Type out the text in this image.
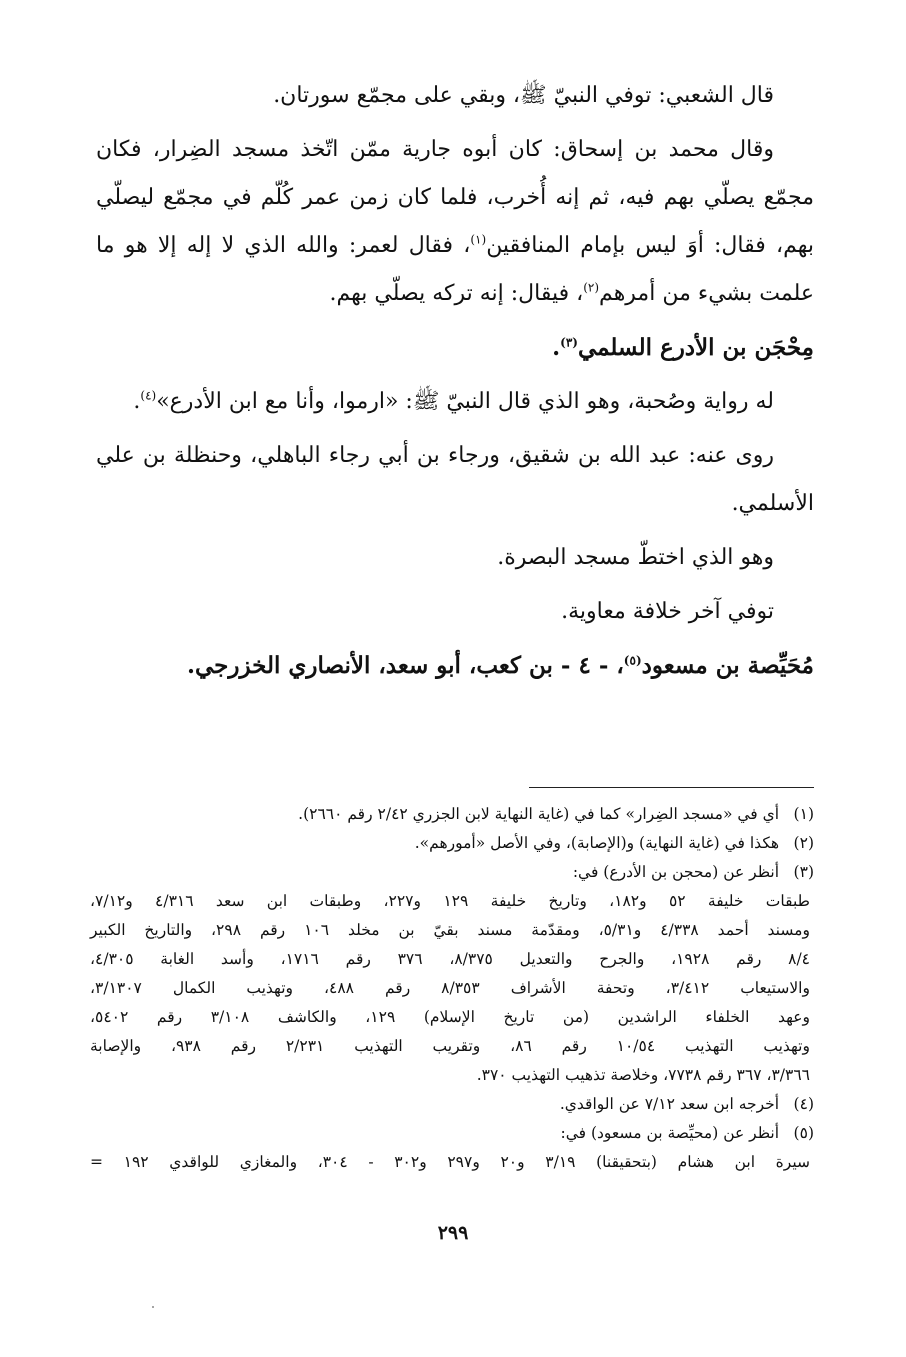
قال الشعبي: توفي النبيّ ﷺ، وبقي على مجمّع سورتان.

وقال محمد بن إسحاق: كان أبوه جارية ممّن اتّخذ مسجد الضِرار، فكان مجمّع يصلّي بهم فيه، ثم إنه أُخرب، فلما كان زمن عمر كُلّم في مجمّع ليصلّي بهم، فقال: أوَ ليس بإمام المنافقين$^{(١)}$، فقال لعمر: والله الذي لا إله إلا هو ما علمت بشيء من أمرهم$^{(٢)}$، فيقال: إنه تركه يصلّي بهم.

مِحْجَن بن الأدرع السلمي$^{(٣)}$.

له رواية وصُحبة، وهو الذي قال النبيّ ﷺ: «ارموا، وأنا مع ابن الأدرع»$^{(٤)}$.

روى عنه: عبد الله بن شقيق، ورجاء بن أبي رجاء الباهلي، وحنظلة بن علي الأسلمي.

وهو الذي اختطّ مسجد البصرة.

توفي آخر خلافة معاوية.

مُحَيِّصة بن مسعود$^{(٥)}$، - ٤ - بن كعب، أبو سعد، الأنصاري الخزرجي.

(١) أي في «مسجد الضِرار» كما في (غاية النهاية لابن الجزري ٢/٤٢ رقم ٢٦٦٠).

(٢) هكذا في (غاية النهاية) و(الإصابة)، وفي الأصل «أمورهم».

(٣) أنظر عن (محجن بن الأدرع) في:

طبقات خليفة ٥٢ و١٨٢، وتاريخ خليفة ١٢٩ و٢٢٧، وطبقات ابن سعد ٤/٣١٦ و٧/١٢،

ومسند أحمد ٤/٣٣٨ و٥/٣١، ومقدّمة مسند بقيّ بن مخلد ١٠٦ رقم ٢٩٨، والتاريخ الكبير

٨/٤ رقم ١٩٢٨، والجرح والتعديل ٨/٣٧٥، ٣٧٦ رقم ١٧١٦، وأسد الغابة ٤/٣٠٥،

والاستيعاب ٣/٤١٢، وتحفة الأشراف ٨/٣٥٣ رقم ٤٨٨، وتهذيب الكمال ٣/١٣٠٧،

وعهد الخلفاء الراشدين (من تاريخ الإسلام) ١٢٩، والكاشف ٣/١٠٨ رقم ٥٤٠٢،

وتهذيب التهذيب ١٠/٥٤ رقم ٨٦، وتقريب التهذيب ٢/٢٣١ رقم ٩٣٨، والإصابة

٣/٣٦٦، ٣٦٧ رقم ٧٧٣٨، وخلاصة تذهيب التهذيب ٣٧٠.

(٤) أخرجه ابن سعد ٧/١٢ عن الواقدي.

(٥) أنظر عن (محيِّصة بن مسعود) في:

سيرة ابن هشام (بتحقيقنا) ٣/١٩ و٢٠ و٢٩٧ و٣٠٢ - ٣٠٤، والمغازي للواقدي ١٩٢ =

٢٩٩
